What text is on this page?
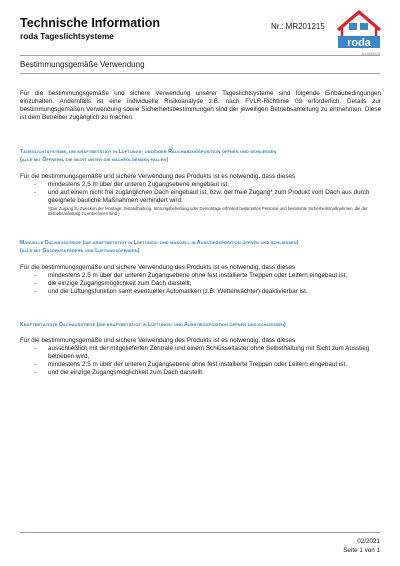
Technische Information
roda Tageslichtsysteme
Nr.: MR201215
roda
a LAMILUX
Bestimmungsgemäße Verwendung
Für die bestimmungsgemäße und sichere Verwendung unserer Tageslichtsysteme sind folgende Einbaubedingungen einzuhalten. Andernfalls ist eine individuelle Risikoanalyse z.B. nach FVLR-Richtlinie 09 erforderlich. Details zur bestimmungsgemäßen Verwendung sowie Sicherheitsbestimmungen sind der jeweiligen Betriebsanleitung zu entnehmen. Diese ist dem Betreiber zugänglich zu machen.
Tageslichtsysteme, die kraftbetätigt in Lüftungs- und/oder Rauchabzugsposition öffnen und schließen
(alle mit Öffnern, die nicht unter die nachfolgenden fallen)

Für die bestimmungsgemäße und sichere Verwendung des Produkts ist es notwendig, dass dieses

- mindestens 2,5 m über der unteren Zugangsebene eingebaut ist,
- und auf einem nicht frei zugänglichen Dach eingebaut ist, bzw. der freie Zugang* zum Produkt vom Dach aus durch geeignete bauliche Maßnahmen verhindert wird.
*(Der Zugang zu Zwecken der Montage, Instandhaltung, Störungsbehebung oder Demontage erfordert bestimmtes Personal und bestimmte Sicherheitsmaßnahmen, die der Betriebsanleitung zu entnehmen sind.)
Manuelle Dachausstiege (die kraftbetätigt in Lüftungs- und manuell in Ausstiegsposition öffnen und schließen)
(alle mit Gasdruckfedern und Lüftungsöffnern)

Für die bestimmungsgemäße und sichere Verwendung des Produkts ist es notwendig, dass dieses

- mindestens 2,5 m über der unteren Zugangsebene ohne fest installierte Treppen oder Leitern eingebaut ist,
- die einzige Zugangsmöglichkeit zum Dach darstellt,
- und die Lüftungsfunktion samt eventueller Automatiken (z.B. Wetterwächter) deaktivierbar ist.
Kraftbetätigte Dachausstiege (die kraftbetätigt in Lüftungs- und Ausstiegsposition öffnen und schließen)

Für die bestimmungsgemäße und sichere Verwendung des Produkts ist es notwendig, dass dieses

- ausschließlich mit der mitgelieferten Zentrale und einem Schlüsseltaster ohne Selbsthaltung mit Sicht zum Ausstieg betrieben wird,
- mindestens 2,5 m über der unteren Zugangsebene ohne fest installierte Treppen oder Leitern eingebaut ist,
- und die einzige Zugangsmöglichkeit zum Dach darstellt.
02/2021
Seite 1 von 1
